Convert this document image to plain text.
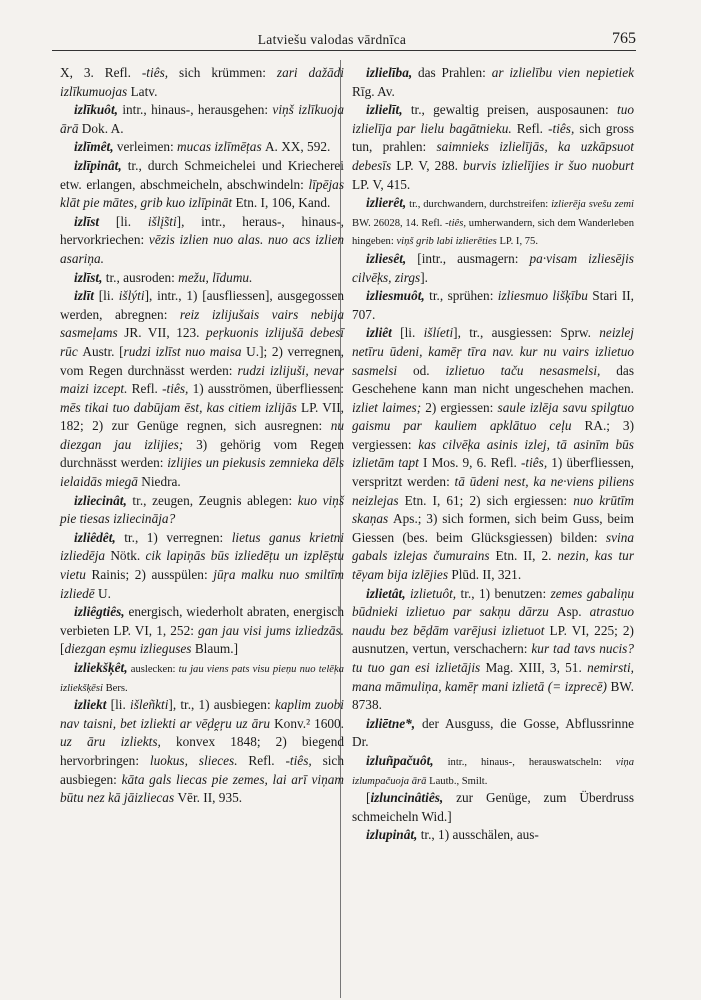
Latviešu valodas vārdnīca	765

X, 3. Refl. -tiês, sich krümmen: zari dažādi izlīkumuojas Latv.

izlīkuôt, intr., hinaus-, herausgehen: viņš izlīkuoja ārā Dok. A.

izlīmêt, verleimen: mucas izlīmē̦tas A. XX, 592.

izlīpinât, tr., durch Schmeichelei und Kriecherei etw. erlangen, abschmeicheln, abschwindeln: līpējas klāt pie mātes, grib kuo izlīpināt Etn. I, 106, Kand.

izlīst [li. išlį̃sti], intr., heraus-, hinaus-, hervorkriechen: vēzis izlien nuo alas. nuo acs izlien asariņa.

izlīst, tr., ausroden: mežu, līdumu.

izlīt [li. išlýti], intr., 1) [ausfliessen], ausgegossen werden, abregnen: reiz izlijušais vairs nebija sasmeļams JR. VII, 123. pe̦rkuonis izlijušā debesī rūc Austr. [rudzi izlīst nuo maisa U.]; 2) verregnen, vom Regen durchnässt werden: rudzi izlijuši, nevar maizi izcept. Refl. -tiês, 1) ausströmen, überfliessen: mēs tikai tuo dabūjam ēst, kas citiem izlijās LP. VII, 182; 2) zur Genüge regnen, sich ausregnen: nu diezgan jau izlijies; 3) gehörig vom Regen durchnässt werden: izlijies un piekusis zemnieka dēls ielaidās miegā Niedra.

izliecinât, tr., zeugen, Zeugnis ablegen: kuo viņš pie tiesas izliecināja?

izliêdêt, tr., 1) verregnen: lietus ganus krietni izliedēja Nötk. cik lapiņās būs izliedē̦tu un izplē̦stu vietu Rainis; 2) ausspülen: jūŗa malku nuo smiltīm izliedē U.

izliêgtiês, energisch, wiederholt abraten, energisch verbieten LP. VI, 1, 252: gan jau visi jums izliedzās. [diezgan e̦smu izlieguses Blaum.]

izliekšķêt, auslecken: tu jau viens pats visu pieņu nuo telē̦ka izliekšķēsi Bers.

izliekt [li. išleñkti], tr., 1) ausbiegen: kaplim zuobi nav taisni, bet izliekti ar vē̦dḙŗu uz āru Konv.² 1600. uz āru izliekts, konvex 1848; 2) biegend hervorbringen: luokus, slieces. Refl. -tiês, sich ausbiegen: kāta gals liecas pie zemes, lai arī viņam būtu nez kā jāizliecas Vēr. II, 935.

izlielība, das Prahlen: ar izlielību vien nepietiek Rīg. Av.

izlielīt, tr., gewaltig preisen, ausposaunen: tuo izlielīja par lielu bagātnieku. Refl. -tiês, sich gross tun, prahlen: saimnieks izlielījās, ka uzkāpsuot debesīs LP. V, 288. burvis izlielījies ir šuo nuoburt LP. V, 415.

izlierêt, tr., durchwandern, durchstreifen: izlierēja svešu zemi BW. 26028, 14. Refl. -tiês, umherwandern, sich dem Wanderleben hingeben: viņš grib labi izlierēties LP. I, 75.

izliesêt, [intr., ausmagern: pa·visam izliesējis cilvē̦ks, zirgs].

izliesmuôt, tr., sprühen: izliesmuo lišķību Stari II, 707.

izliêt [li. išlíeti], tr., ausgiessen: Sprw. neizlej netīru ūdeni, kamē̦r tīra nav. kur nu vairs izlietuo sasmelsi od. izlietuo taču nesasmelsi, das Geschehene kann man nicht ungeschehen machen. izliet laimes; 2) ergiessen: saule izlēja savu spilgtuo gaismu par kauliem apklātuo ceļu RA.; 3) vergiessen: kas cilvē̦ka asinis izlej, tā asinīm būs izlietām tapt I Mos. 9, 6. Refl. -tiês, 1) überfliessen, verspritzt werden: tā ūdeni nest, ka ne·viens piliens neizlejas Etn. I, 61; 2) sich ergiessen: nuo krūtīm skaņas Aps.; 3) sich formen, sich beim Guss, beim Giessen (bes. beim Glücksgiessen) bilden: svina gabals izlejas čumurains Etn. II, 2. nezin, kas tur tē̦vam bija izlējies Plūd. II, 321.

izlietât, izlietuôt, tr., 1) benutzen: zemes gabaliņu būdnieki izlietuo par sakņu dārzu Asp. atrastuo naudu bez bē̦dām varējusi izlietuot LP. VI, 225; 2) ausnutzen, vertun, verschachern: kur tad tavs nucis? tu tuo gan esi izlietājis Mag. XIII, 3, 51. nemirsti, mana māmuliņa, kamē̦r mani izlietā (= izprecē) BW. 8738.

izliētne*, der Ausguss, die Gosse, Abflussrinne Dr.

izluñpačuôt, intr., hinaus-, herauswatscheln: viņa izlumpačuoja ārā Lautb., Smilt.

[izluncinâtiês, zur Genüge, zum Überdruss schmeicheln Wid.]

izlupinât, tr., 1) ausschälen, aus-
